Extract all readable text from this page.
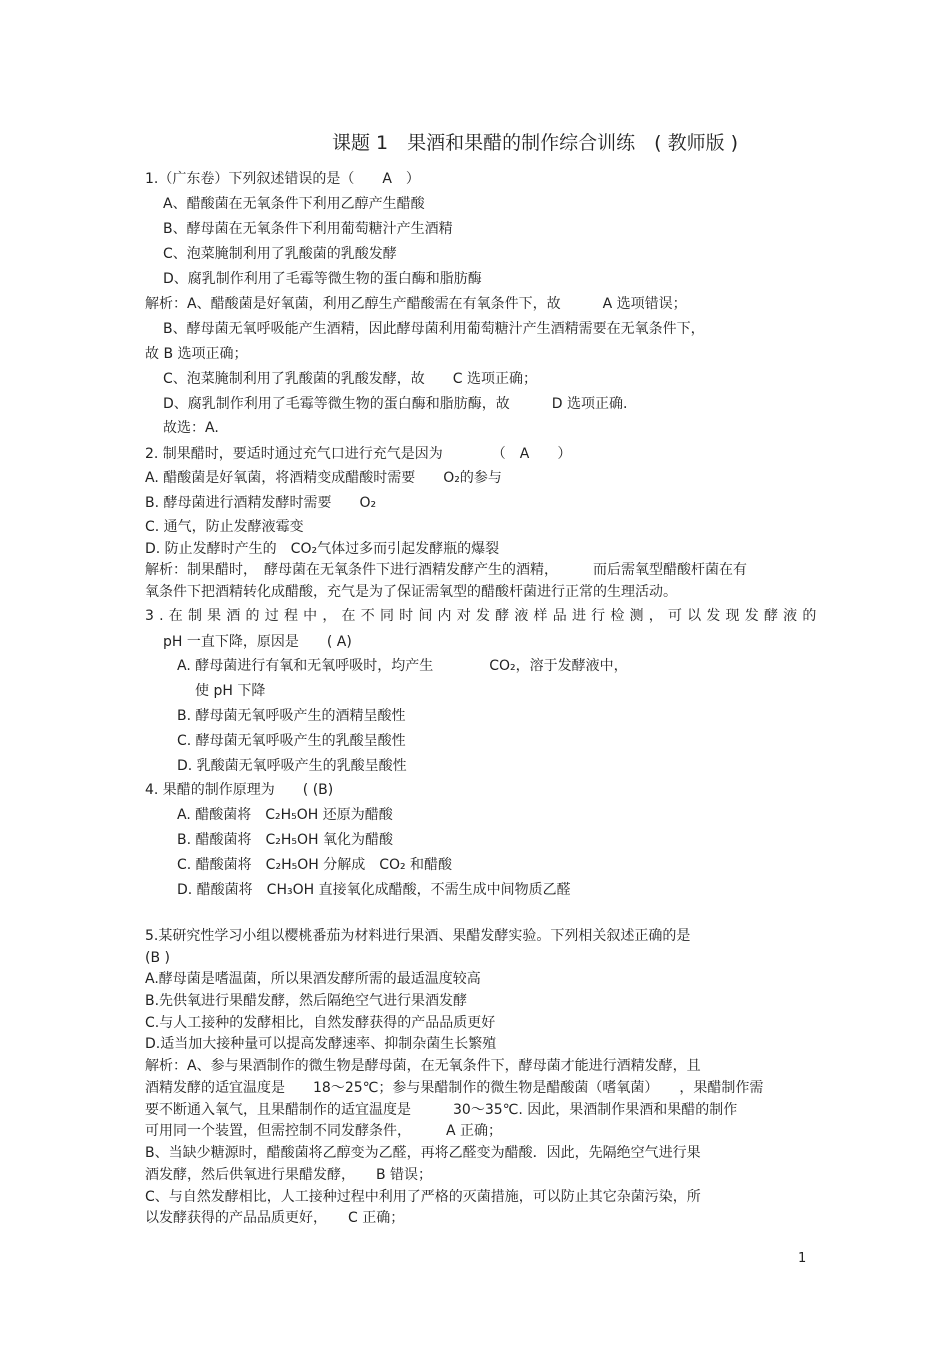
课题 1　果酒和果醋的制作综合训练　( 教师版 )
1.（广东卷）下列叙述错误的是（　　A　）
A、醋酸菌在无氧条件下利用乙醇产生醋酸
B、酵母菌在无氧条件下利用葡萄糖汁产生酒精
C、泡菜腌制利用了乳酸菌的乳酸发酵
D、腐乳制作利用了毛霉等微生物的蛋白酶和脂肪酶
解析：A、醋酸菌是好氧菌，利用乙醇生产醋酸需在有氧条件下，故　　　A 选项错误；
B、酵母菌无氧呼吸能产生酒精，因此酵母菌利用葡萄糖汁产生酒精需要在无氧条件下，
故 B 选项正确；
C、泡菜腌制利用了乳酸菌的乳酸发酵，故　　C 选项正确；
D、腐乳制作利用了毛霉等微生物的蛋白酶和脂肪酶，故　　　D 选项正确.
故选：A.
2. 制果醋时，要适时通过充气口进行充气是因为　　　　（　A　　）
A. 醋酸菌是好氧菌，将酒精变成醋酸时需要　　O₂的参与
B. 酵母菌进行酒精发酵时需要　　O₂
C. 通气，防止发酵液霉变
D. 防止发酵时产生的　CO₂气体过多而引起发酵瓶的爆裂
解析：制果醋时，　酵母菌在无氧条件下进行酒精发酵产生的酒精，　　　而后需氧型醋酸杆菌在有
氧条件下把酒精转化成醋酸，充气是为了保证需氧型的醋酸杆菌进行正常的生理活动。
3.在制果酒的过程中，在不同时间内对发酵液样品进行检测，可以发现发酵液的
pH 一直下降，原因是　　( A)
A. 酵母菌进行有氧和无氧呼吸时，均产生　　　　CO₂，溶于发酵液中，
使 pH 下降
B. 酵母菌无氧呼吸产生的酒精呈酸性
C. 酵母菌无氧呼吸产生的乳酸呈酸性
D. 乳酸菌无氧呼吸产生的乳酸呈酸性
4. 果醋的制作原理为　　( (B)
A. 醋酸菌将　C₂H₅OH 还原为醋酸
B. 醋酸菌将　C₂H₅OH 氧化为醋酸
C. 醋酸菌将　C₂H₅OH 分解成　CO₂ 和醋酸
D. 醋酸菌将　CH₃OH 直接氧化成醋酸，不需生成中间物质乙醛
5.某研究性学习小组以樱桃番茄为材料进行果酒、果醋发酵实验。下列相关叙述正确的是
(B )
A.酵母菌是嗜温菌，所以果酒发酵所需的最适温度较高
B.先供氧进行果醋发酵，然后隔绝空气进行果酒发酵
C.与人工接种的发酵相比，自然发酵获得的产品品质更好
D.适当加大接种量可以提高发酵速率、抑制杂菌生长繁殖
解析：A、参与果酒制作的微生物是酵母菌，在无氧条件下，酵母菌才能进行酒精发酵，且
酒精发酵的适宜温度是　　18～25℃；参与果醋制作的微生物是醋酸菌（嗜氧菌）　　，果醋制作需
要不断通入氧气，且果醋制作的适宜温度是　　　30～35℃. 因此，果酒制作果酒和果醋的制作
可用同一个装置，但需控制不同发酵条件，　　　A 正确；
B、当缺少糖源时，醋酸菌将乙醇变为乙醛，再将乙醛变为醋酸．因此，先隔绝空气进行果
酒发酵，然后供氧进行果醋发酵，　　B 错误；
C、与自然发酵相比，人工接种过程中利用了严格的灭菌措施，可以防止其它杂菌污染，所
以发酵获得的产品品质更好，　　C 正确；
1
